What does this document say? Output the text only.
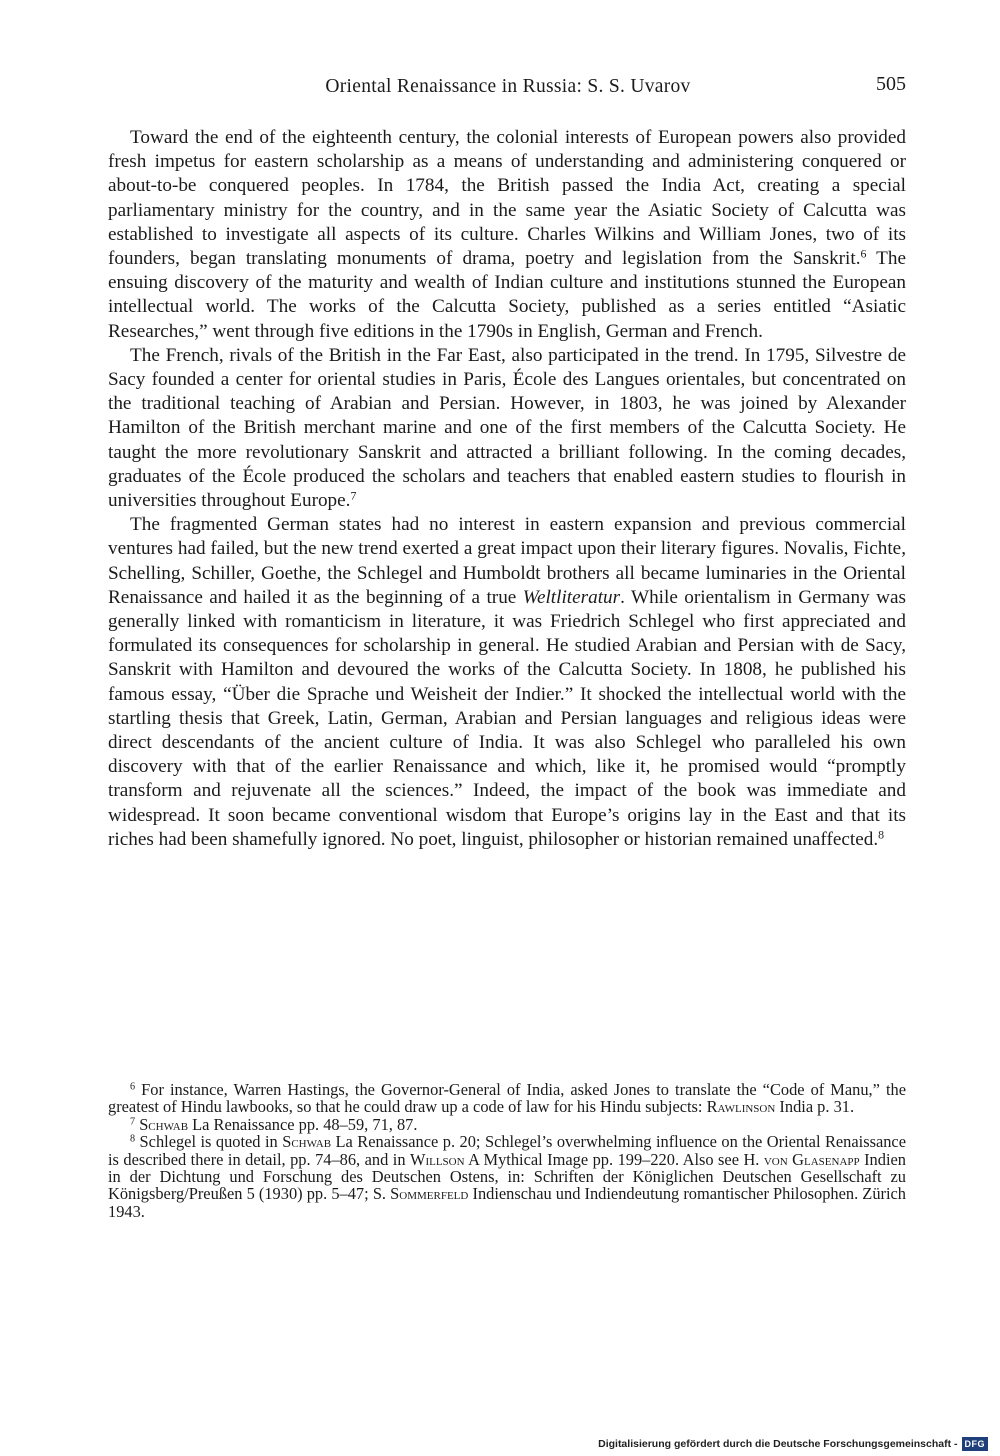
Oriental Renaissance in Russia: S. S. Uvarov	505

Toward the end of the eighteenth century, the colonial interests of European powers also provided fresh impetus for eastern scholarship as a means of understanding and administering conquered or about-to-be conquered peoples. In 1784, the British passed the India Act, creating a special parliamentary ministry for the country, and in the same year the Asiatic Society of Calcutta was established to investigate all aspects of its culture. Charles Wilkins and William Jones, two of its founders, began translating monuments of drama, poetry and legislation from the Sanskrit.$^6$ The ensuing discovery of the maturity and wealth of Indian culture and institutions stunned the European intellectual world. The works of the Calcutta Society, published as a series entitled “Asiatic Researches,” went through five editions in the 1790s in English, German and French.

The French, rivals of the British in the Far East, also participated in the trend. In 1795, Silvestre de Sacy founded a center for oriental studies in Paris, École des Langues orientales, but concentrated on the traditional teaching of Arabian and Persian. However, in 1803, he was joined by Alexander Hamilton of the British merchant marine and one of the first members of the Calcutta Society. He taught the more revolutionary Sanskrit and attracted a brilliant following. In the coming decades, graduates of the École produced the scholars and teachers that enabled eastern studies to flourish in universities throughout Europe.$^7$

The fragmented German states had no interest in eastern expansion and previous commercial ventures had failed, but the new trend exerted a great impact upon their literary figures. Novalis, Fichte, Schelling, Schiller, Goethe, the Schlegel and Humboldt brothers all became luminaries in the Oriental Renaissance and hailed it as the beginning of a true Weltliteratur. While orientalism in Germany was generally linked with romanticism in literature, it was Friedrich Schlegel who first appreciated and formulated its consequences for scholarship in general. He studied Arabian and Persian with de Sacy, Sanskrit with Hamilton and devoured the works of the Calcutta Society. In 1808, he published his famous essay, “Über die Sprache und Weisheit der Indier.” It shocked the intellectual world with the startling thesis that Greek, Latin, German, Arabian and Persian languages and religious ideas were direct descendants of the ancient culture of India. It was also Schlegel who paralleled his own discovery with that of the earlier Renaissance and which, like it, he promised would “promptly transform and rejuvenate all the sciences.” Indeed, the impact of the book was immediate and widespread. It soon became conventional wisdom that Europe’s origins lay in the East and that its riches had been shamefully ignored. No poet, linguist, philosopher or historian remained unaffected.$^8$

$^6$ For instance, Warren Hastings, the Governor-General of India, asked Jones to translate the “Code of Manu,” the greatest of Hindu lawbooks, so that he could draw up a code of law for his Hindu subjects: Rawlinson India p. 31.

$^7$ Schwab La Renaissance pp. 48–59, 71, 87.

$^8$ Schlegel is quoted in Schwab La Renaissance p. 20; Schlegel’s overwhelming influence on the Oriental Renaissance is described there in detail, pp. 74–86, and in Willson A Mythical Image pp. 199–220. Also see H. von Glasenapp Indien in der Dichtung und Forschung des Deutschen Ostens, in: Schriften der Königlichen Deutschen Gesellschaft zu Königsberg/Preußen 5 (1930) pp. 5–47; S. Sommerfeld Indienschau und Indiendeutung romantischer Philosophen. Zürich 1943.

Digitalisierung gefördert durch die Deutsche Forschungsgemeinschaft - DFG
